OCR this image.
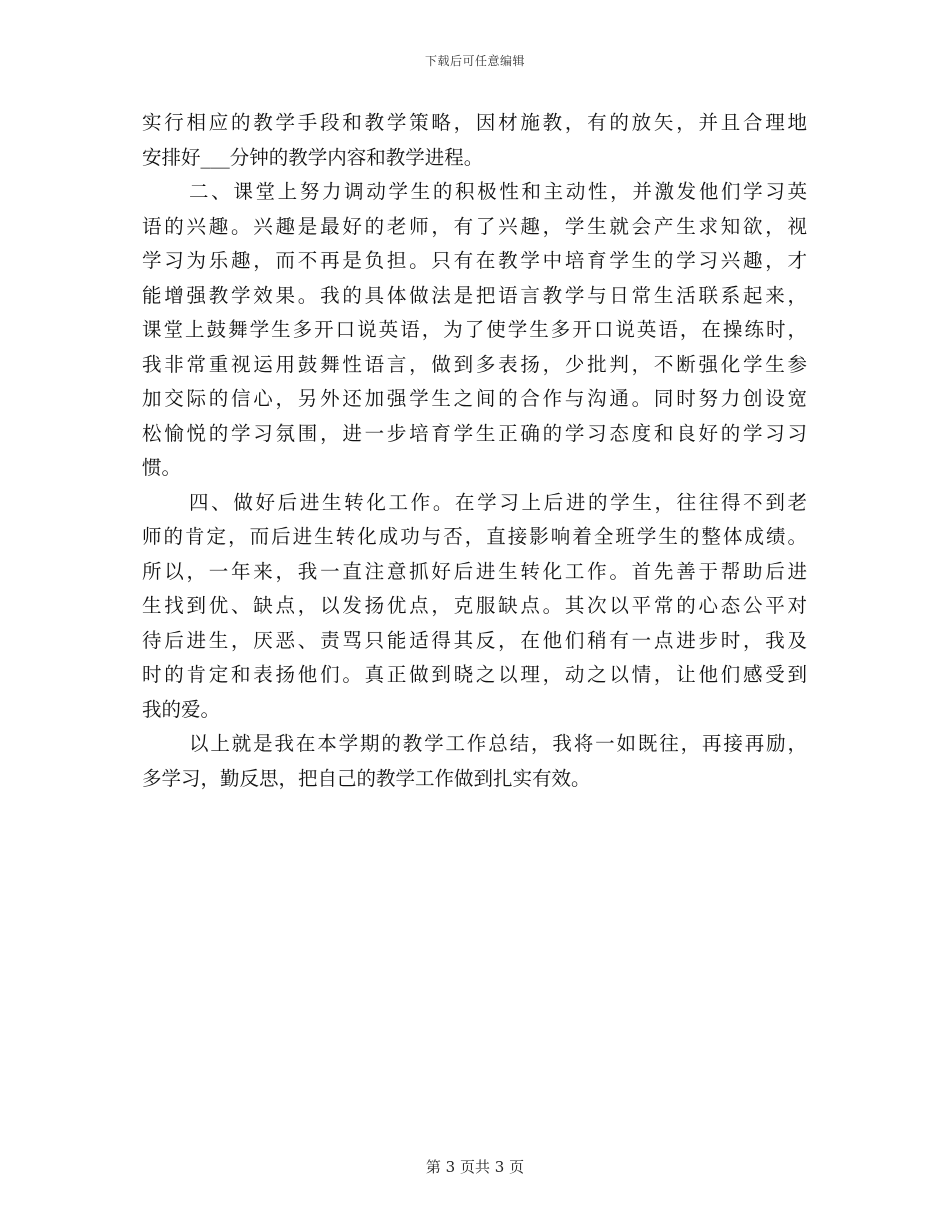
下载后可任意编辑
实行相应的教学手段和教学策略，因材施教，有的放矢，并且合理地
安排好___分钟的教学内容和教学进程。
二、课堂上努力调动学生的积极性和主动性，并激发他们学习英
语的兴趣。兴趣是最好的老师，有了兴趣，学生就会产生求知欲，视
学习为乐趣，而不再是负担。只有在教学中培育学生的学习兴趣，才
能增强教学效果。我的具体做法是把语言教学与日常生活联系起来，
课堂上鼓舞学生多开口说英语，为了使学生多开口说英语，在操练时，
我非常重视运用鼓舞性语言，做到多表扬，少批判，不断强化学生参
加交际的信心，另外还加强学生之间的合作与沟通。同时努力创设宽
松愉悦的学习氛围，进一步培育学生正确的学习态度和良好的学习习
惯。
四、做好后进生转化工作。在学习上后进的学生，往往得不到老
师的肯定，而后进生转化成功与否，直接影响着全班学生的整体成绩。
所以，一年来，我一直注意抓好后进生转化工作。首先善于帮助后进
生找到优、缺点，以发扬优点，克服缺点。其次以平常的心态公平对
待后进生，厌恶、责骂只能适得其反，在他们稍有一点进步时，我及
时的肯定和表扬他们。真正做到晓之以理，动之以情，让他们感受到
我的爱。
以上就是我在本学期的教学工作总结，我将一如既往，再接再励，
多学习，勤反思，把自己的教学工作做到扎实有效。
第 3 页共 3 页
